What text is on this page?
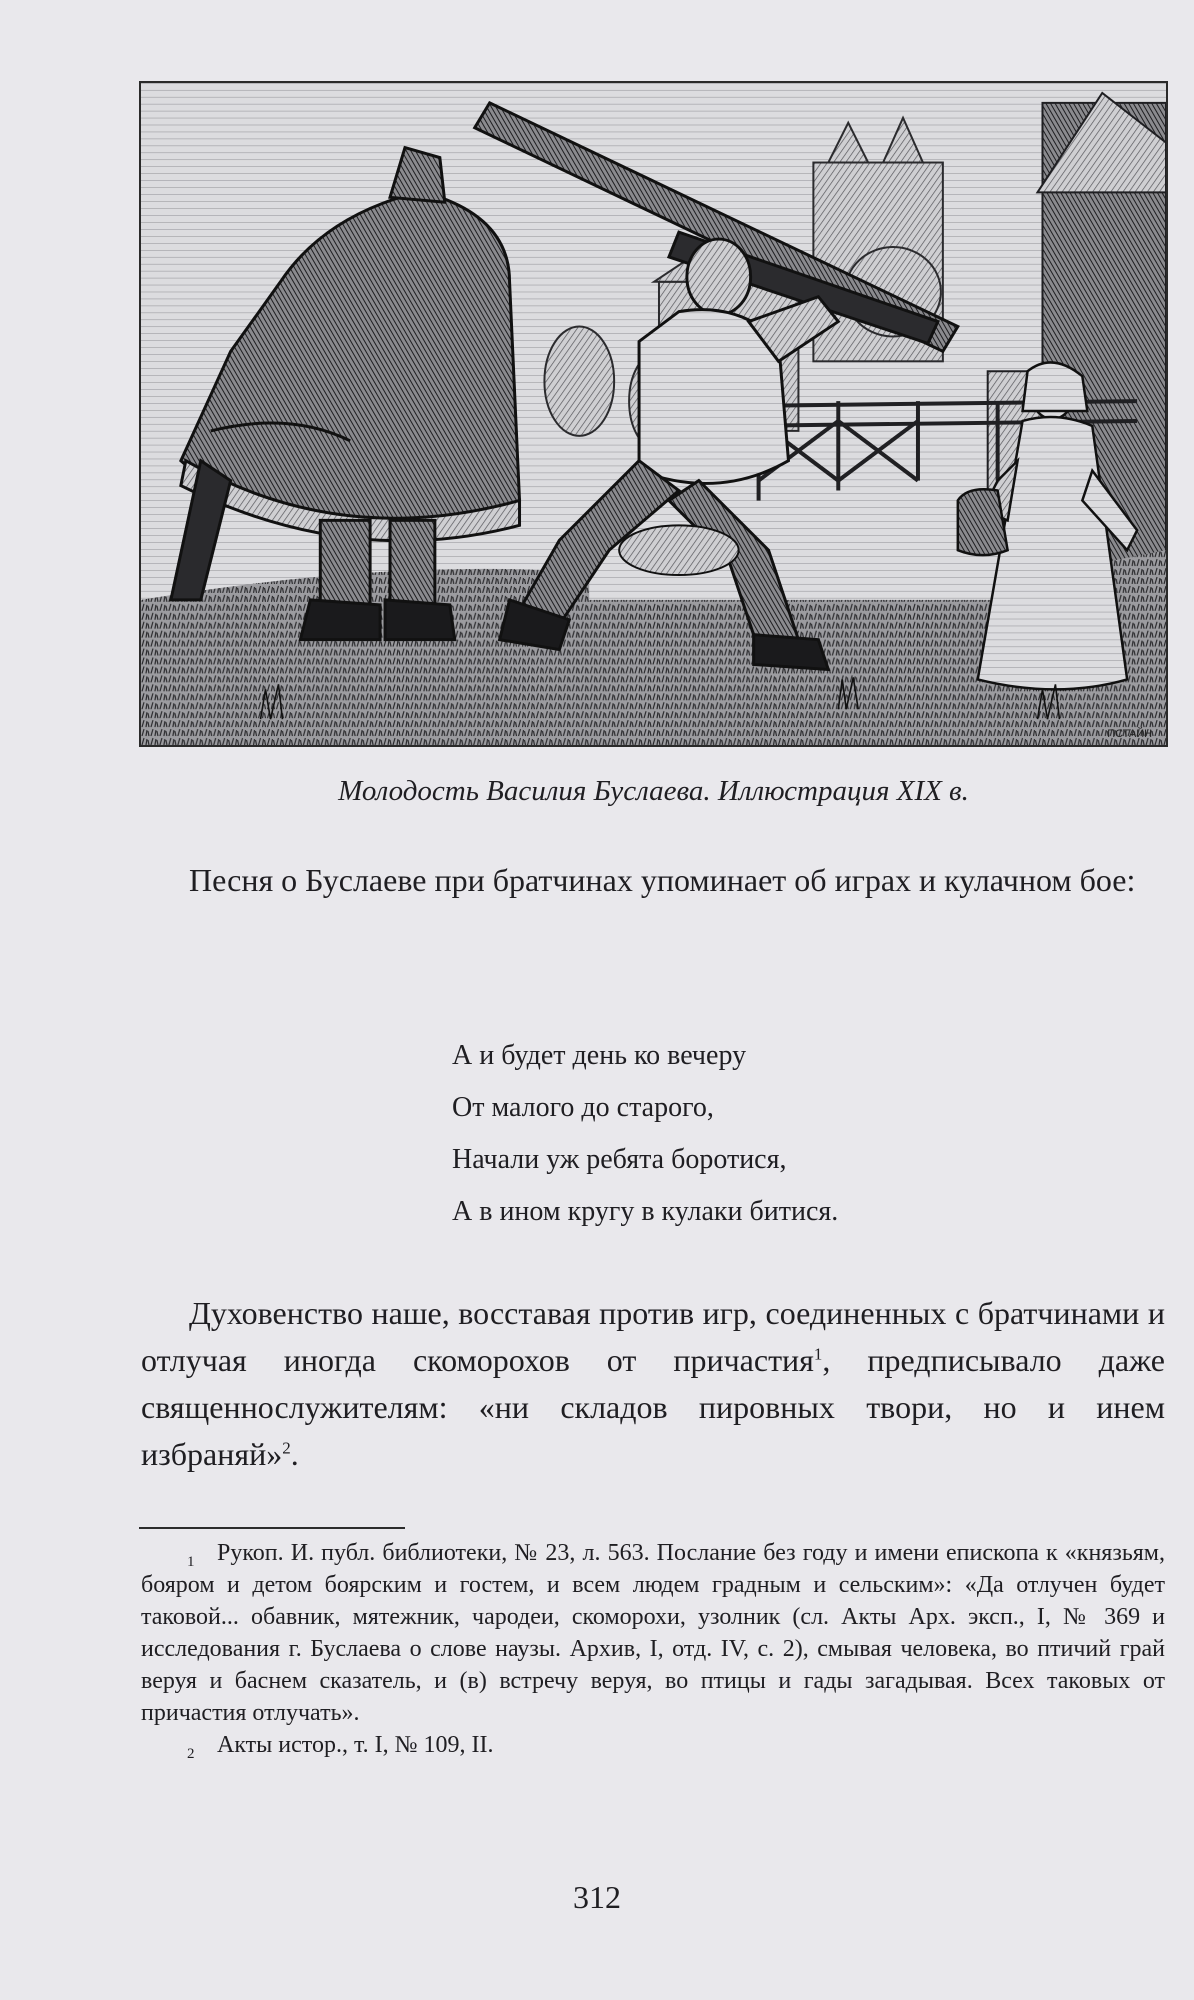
ПСТАЙН
Молодость Василия Буслаева. Иллюстрация XIX в.

Песня о Буслаеве при братчинах упоминает об играх и кулачном бое:

А и будет день ко вечеру
От малого до старого,
Начали уж ребята боротися,
А в ином кругу в кулаки битися.

Духовенство наше, восставая против игр, соединенных с братчинами и отлучая иногда скоморохов от причастия$^1$, предписывало даже священнослужителям: «ни складов пировных твори, но и инем избраняй»$^2$.

1 Рукоп. И. публ. библиотеки, № 23, л. 563. Послание без году и имени епископа к «князьям, бояром и детом боярским и гостем, и всем людем градным и сельским»: «Да отлучен будет таковой... обавник, мятежник, чародеи, скоморохи, узолник (сл. Акты Арх. эксп., I, № 369 и исследования г. Буслаева о слове наузы. Архив, I, отд. IV, с. 2), смывая человека, во птичий грай веруя и баснем сказатель, и (в) встречу веруя, во птицы и гады загадывая. Всех таковых от причастия отлучать».

2 Акты истор., т. I, № 109, II.

312
